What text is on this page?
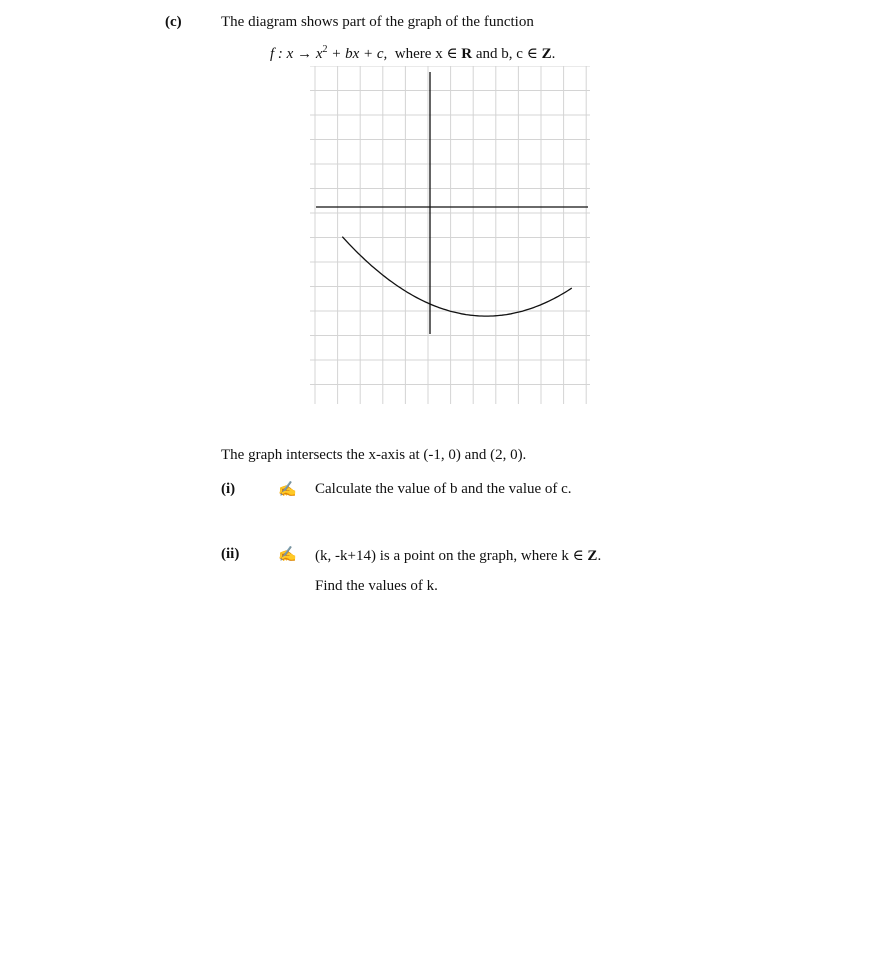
(c)	The diagram shows part of the graph of the function
f : $x \to x^2$ + bx + c, where x ∈ R and b, c ∈ Z.
The graph intersects the x-axis at (-1, 0) and (2, 0).
(i)	✍ Calculate the value of b and the value of c.
(ii)	✍ (k, -k+14) is a point on the graph, where k ∈ Z.
Find the values of k.
